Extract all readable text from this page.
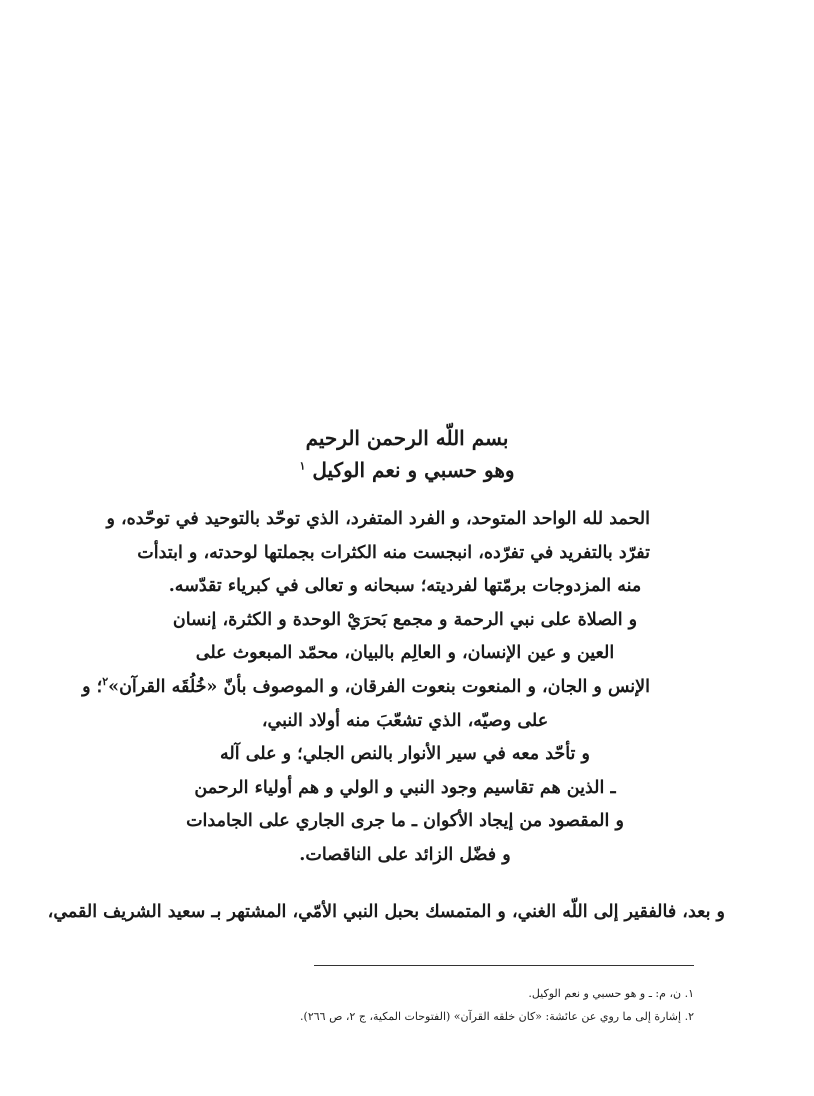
بسم اللّه الرحمن الرحيم
وهو حسبي و نعم الوكيل $^١$
الحمد لله الواحد المتوحد، و الفرد المتفرد، الذي توحّد بالتوحيد في توحّده، و
تفرّد بالتفريد في تفرّده، انبجست منه الكثرات بجملتها لوحدته، و ابتدأت
منه المزدوجات برمّتها لفرديته؛ سبحانه و تعالى في كبرياء تقدّسه.
و الصلاة على نبي الرحمة و مجمع بَحرَيْ الوحدة و الكثرة، إنسان
العين و عين الإنسان، و العالِم بالبيان، محمّد المبعوث على
الإنس و الجان، و المنعوت بنعوت الفرقان، و الموصوف بأنّ «خُلُقَه القرآن»$^٢$؛ و
على وصيّه، الذي تشعّبَ منه أولاد النبي،
و تأحّد معه في سير الأنوار بالنص الجلي؛ و على آله
ـ الذين هم تقاسيم وجود النبي و الولي و هم أولياء الرحمن
و المقصود من إيجاد الأكوان ـ ما جرى الجاري على الجامدات
و فضّل الزائد على الناقصات.
و بعد، فالفقير إلى اللّه الغني، و المتمسك بحبل النبي الأمّي، المشتهر بـ سعيد الشريف القمي،
١. ن، م: ـ و هو حسبي و نعم الوكيل.
٢. إشارة إلى ما روي عن عائشة: «كان خلقه القرآن» (الفتوحات المكية، ج ٢، ص ٢٦٦).
